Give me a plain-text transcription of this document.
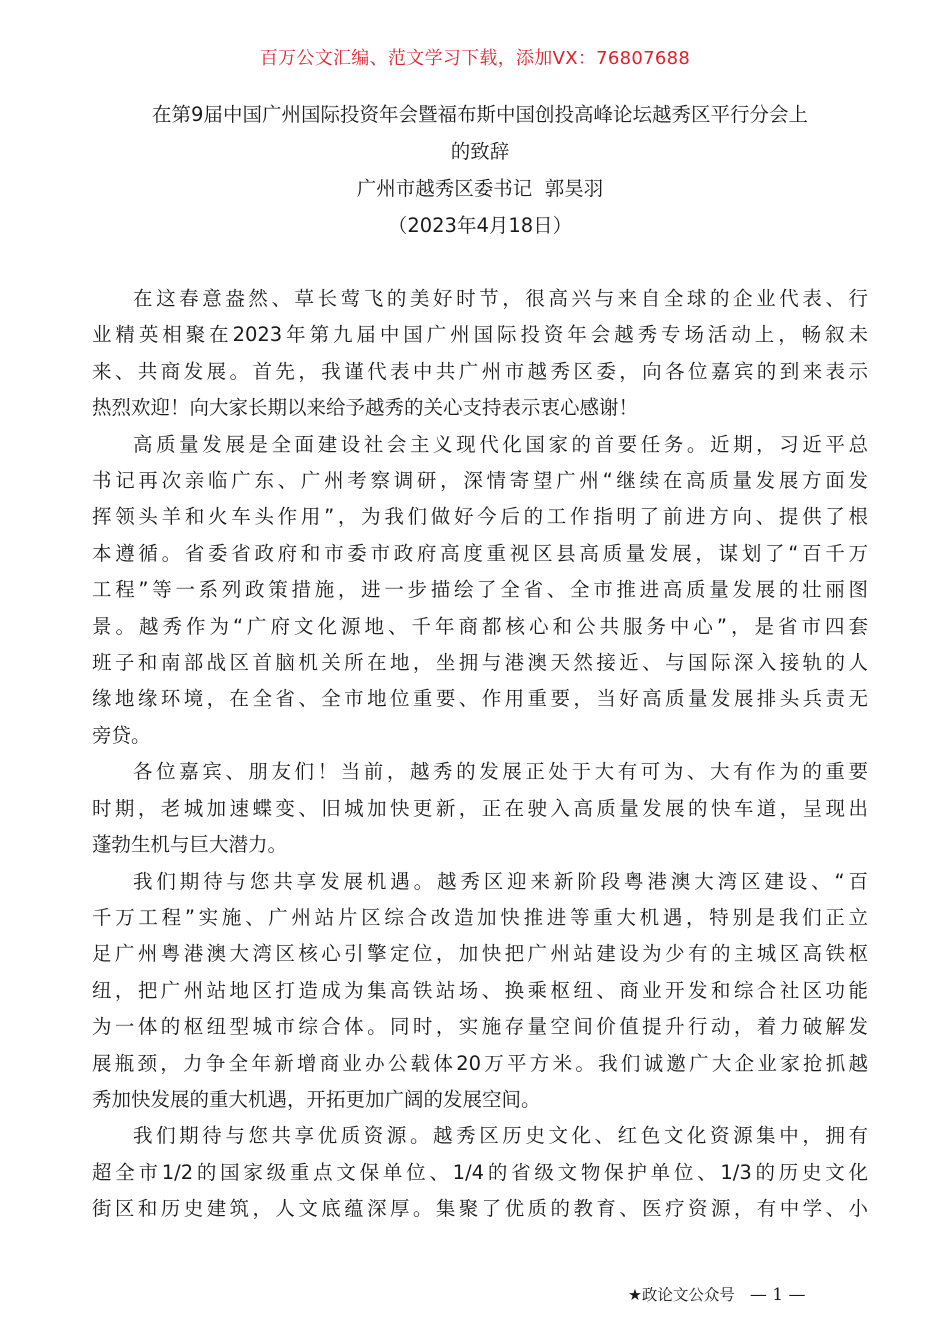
百万公文汇编、范文学习下载，添加VX：76807688
在第9届中国广州国际投资年会暨福布斯中国创投高峰论坛越秀区平行分会上
的致辞
广州市越秀区委书记  郭昊羽
（2023年4月18日）
在这春意盎然、草长莺飞的美好时节，很高兴与来自全球的企业代表、行
业精英相聚在2023年第九届中国广州国际投资年会越秀专场活动上，畅叙未
来、共商发展。首先，我谨代表中共广州市越秀区委，向各位嘉宾的到来表示
热烈欢迎！向大家长期以来给予越秀的关心支持表示衷心感谢！
高质量发展是全面建设社会主义现代化国家的首要任务。近期，习近平总
书记再次亲临广东、广州考察调研，深情寄望广州“继续在高质量发展方面发
挥领头羊和火车头作用”，为我们做好今后的工作指明了前进方向、提供了根
本遵循。省委省政府和市委市政府高度重视区县高质量发展，谋划了“百千万
工程”等一系列政策措施，进一步描绘了全省、全市推进高质量发展的壮丽图
景。越秀作为“广府文化源地、千年商都核心和公共服务中心”，是省市四套
班子和南部战区首脑机关所在地，坐拥与港澳天然接近、与国际深入接轨的人
缘地缘环境，在全省、全市地位重要、作用重要，当好高质量发展排头兵责无
旁贷。
各位嘉宾、朋友们！当前，越秀的发展正处于大有可为、大有作为的重要
时期，老城加速蝶变、旧城加快更新，正在驶入高质量发展的快车道，呈现出
蓬勃生机与巨大潜力。
我们期待与您共享发展机遇。越秀区迎来新阶段粤港澳大湾区建设、“百
千万工程”实施、广州站片区综合改造加快推进等重大机遇，特别是我们正立
足广州粤港澳大湾区核心引擎定位，加快把广州站建设为少有的主城区高铁枢
纽，把广州站地区打造成为集高铁站场、换乘枢纽、商业开发和综合社区功能
为一体的枢纽型城市综合体。同时，实施存量空间价值提升行动，着力破解发
展瓶颈，力争全年新增商业办公载体20万平方米。我们诚邀广大企业家抢抓越
秀加快发展的重大机遇，开拓更加广阔的发展空间。
我们期待与您共享优质资源。越秀区历史文化、红色文化资源集中，拥有
超全市1/2的国家级重点文保单位、1/4的省级文物保护单位、1/3的历史文化
街区和历史建筑，人文底蕴深厚。集聚了优质的教育、医疗资源，有中学、小
★政论文公众号 — 1 —
